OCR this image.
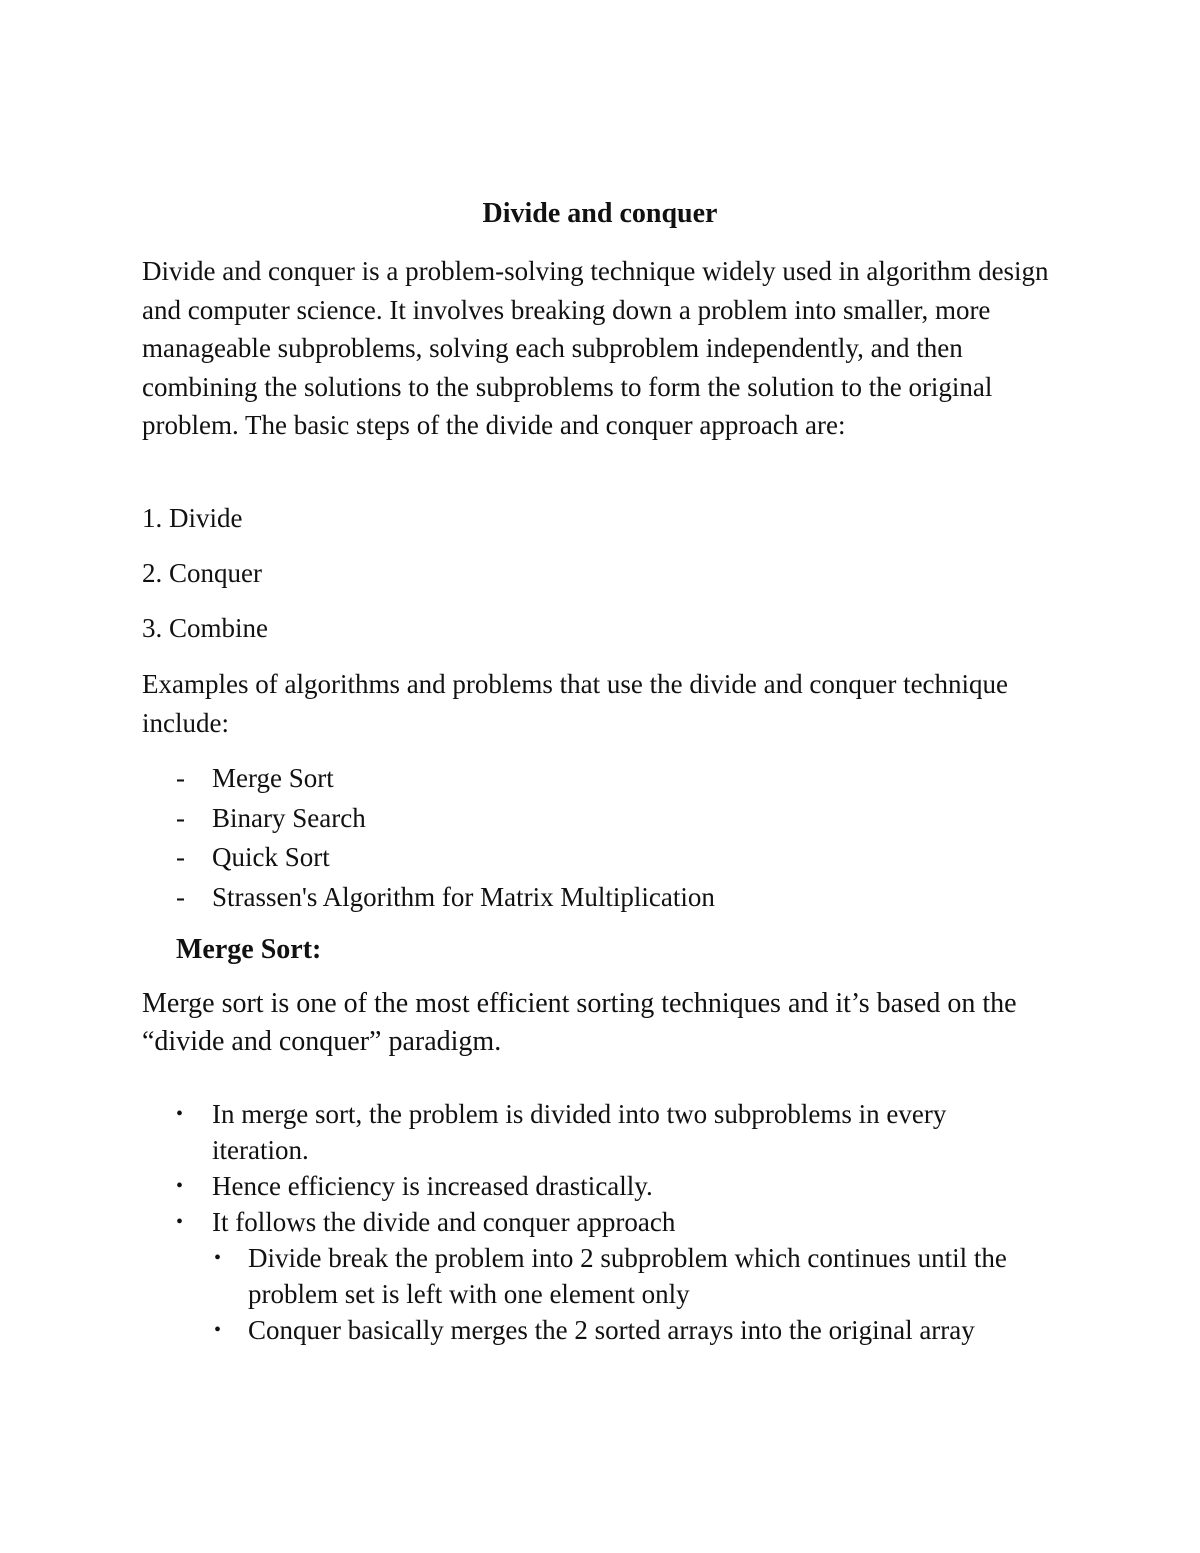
Divide and conquer
Divide and conquer is a problem-solving technique widely used in algorithm design and computer science. It involves breaking down a problem into smaller, more manageable subproblems, solving each subproblem independently, and then combining the solutions to the subproblems to form the solution to the original problem. The basic steps of the divide and conquer approach are:
1. Divide
2. Conquer
3. Combine
Examples of algorithms and problems that use the divide and conquer technique include:
- Merge Sort
- Binary Search
- Quick Sort
- Strassen's Algorithm for Matrix Multiplication
Merge Sort:
Merge sort is one of the most efficient sorting techniques and it’s based on the “divide and conquer” paradigm.
• In merge sort, the problem is divided into two subproblems in every iteration.
• Hence efficiency is increased drastically.
• It follows the divide and conquer approach
• Divide break the problem into 2 subproblem which continues until the problem set is left with one element only
• Conquer basically merges the 2 sorted arrays into the original array
